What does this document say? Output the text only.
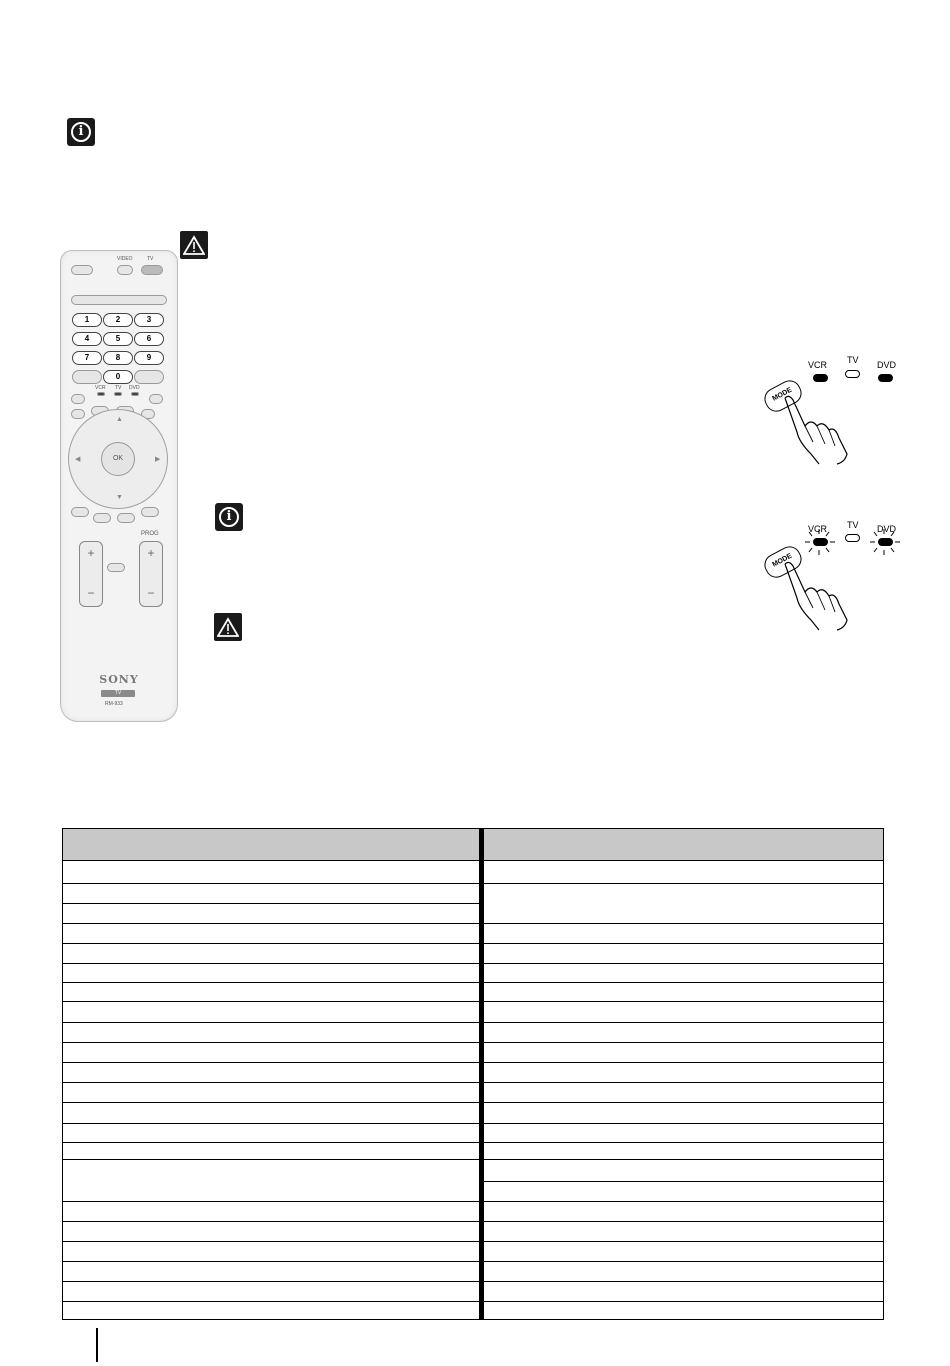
i
i
VIDEO	TV
1	2	3
4	5	6
7	8	9
0
VCR TV DVD
OK
▲
▼
◀	▶
+
−
PROG
+
−
SONY
TV
RM-933
VCR TV DVD
MODE
VCR TV DVD
MODE
